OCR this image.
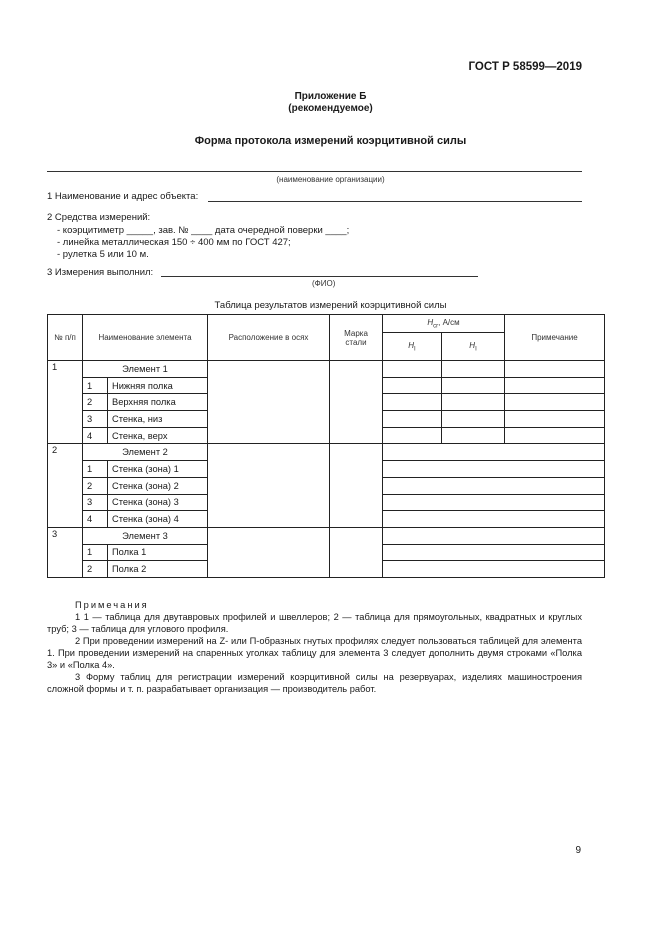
ГОСТ Р 58599—2019
Приложение Б
(рекомендуемое)
Форма протокола измерений коэрцитивной силы
(наименование организации)
1 Наименование и адрес объекта:
2 Средства измерений:
- коэрцитиметр _____, зав. № ____ дата очередной поверки ____;
- линейка металлическая 150 ÷ 400 мм по ГОСТ 427;
- рулетка 5 или 10 м.
3 Измерения выполнил:
(ФИО)
Таблица результатов измерений коэрцитивной силы
№ п/п	Наименование элемента		Расположение в осях	Марка стали	$H_{cr}$, А/см		Примечание
					$H_I$	$H_I$
1	Элемент 1						
	1	Нижняя полка					
	2	Верхняя полка					
	3	Стенка, низ					
	4	Стенка, верх					
2	Элемент 2						
	1	Стенка (зона) 1					
	2	Стенка (зона) 2					
	3	Стенка (зона) 3					
	4	Стенка (зона) 4					
3	Элемент 3						
	1	Полка 1					
	2	Полка 2					

Примечания

1 1 — таблица для двутавровых профилей и швеллеров; 2 — таблица для прямоугольных, квадратных и круглых труб; 3 — таблица для углового профиля.

2 При проведении измерений на Z- или П-образных гнутых профилях следует пользоваться таблицей для элемента 1. При проведении измерений на спаренных уголках таблицу для элемента 3 следует дополнить двумя строками «Полка 3» и «Полка 4».

3 Форму таблиц для регистрации измерений коэрцитивной силы на резервуарах, изделиях машиностроения сложной формы и т. п. разрабатывает организация — производитель работ.

9
